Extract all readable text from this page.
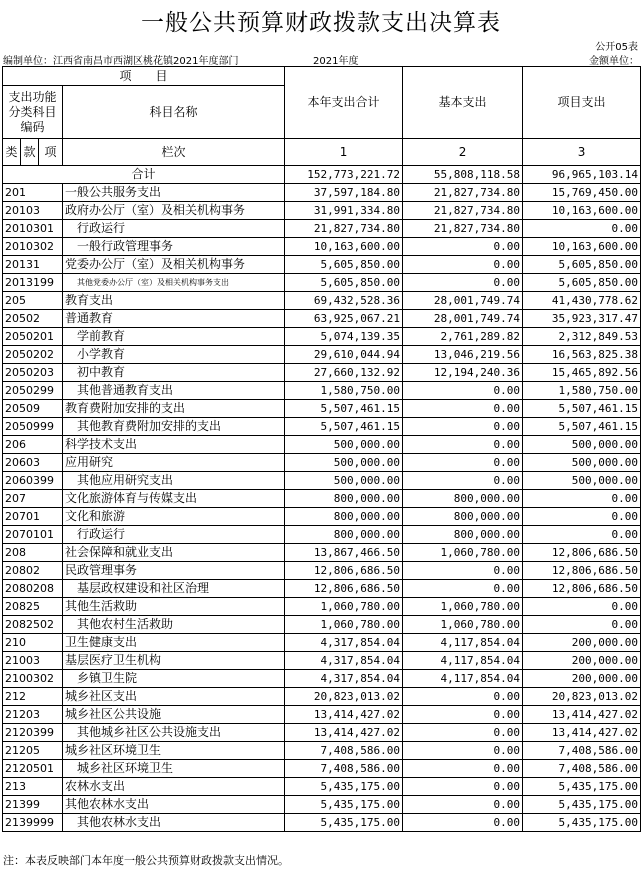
一般公共预算财政拨款支出决算表
公开05表
编制单位：江西省南昌市西湖区桃花镇2021年度部门	2021年度	金额单位：
项　　目				本年支出合计	基本支出	项目支出
支出功能分类科目编码			科目名称			
类	款	项				
			栏次	1	2	3
合计				152,773,221.72	55,808,118.58	96,965,103.14
201			一般公共服务支出	37,597,184.80	21,827,734.80	15,769,450.00
20103			政府办公厅（室）及相关机构事务	31,991,334.80	21,827,734.80	10,163,600.00
2010301			行政运行	21,827,734.80	21,827,734.80	0.00
2010302			一般行政管理事务	10,163,600.00	0.00	10,163,600.00
20131			党委办公厅（室）及相关机构事务	5,605,850.00	0.00	5,605,850.00
2013199			其他党委办公厅（室）及相关机构事务支出	5,605,850.00	0.00	5,605,850.00
205			教育支出	69,432,528.36	28,001,749.74	41,430,778.62
20502			普通教育	63,925,067.21	28,001,749.74	35,923,317.47
2050201			学前教育	5,074,139.35	2,761,289.82	2,312,849.53
2050202			小学教育	29,610,044.94	13,046,219.56	16,563,825.38
2050203			初中教育	27,660,132.92	12,194,240.36	15,465,892.56
2050299			其他普通教育支出	1,580,750.00	0.00	1,580,750.00
20509			教育费附加安排的支出	5,507,461.15	0.00	5,507,461.15
2050999			其他教育费附加安排的支出	5,507,461.15	0.00	5,507,461.15
206			科学技术支出	500,000.00	0.00	500,000.00
20603			应用研究	500,000.00	0.00	500,000.00
2060399			其他应用研究支出	500,000.00	0.00	500,000.00
207			文化旅游体育与传媒支出	800,000.00	800,000.00	0.00
20701			文化和旅游	800,000.00	800,000.00	0.00
2070101			行政运行	800,000.00	800,000.00	0.00
208			社会保障和就业支出	13,867,466.50	1,060,780.00	12,806,686.50
20802			民政管理事务	12,806,686.50	0.00	12,806,686.50
2080208			基层政权建设和社区治理	12,806,686.50	0.00	12,806,686.50
20825			其他生活救助	1,060,780.00	1,060,780.00	0.00
2082502			其他农村生活救助	1,060,780.00	1,060,780.00	0.00
210			卫生健康支出	4,317,854.04	4,117,854.04	200,000.00
21003			基层医疗卫生机构	4,317,854.04	4,117,854.04	200,000.00
2100302			乡镇卫生院	4,317,854.04	4,117,854.04	200,000.00
212			城乡社区支出	20,823,013.02	0.00	20,823,013.02
21203			城乡社区公共设施	13,414,427.02	0.00	13,414,427.02
2120399			其他城乡社区公共设施支出	13,414,427.02	0.00	13,414,427.02
21205			城乡社区环境卫生	7,408,586.00	0.00	7,408,586.00
2120501			城乡社区环境卫生	7,408,586.00	0.00	7,408,586.00
213			农林水支出	5,435,175.00	0.00	5,435,175.00
21399			其他农林水支出	5,435,175.00	0.00	5,435,175.00
2139999			其他农林水支出	5,435,175.00	0.00	5,435,175.00
注：本表反映部门本年度一般公共预算财政拨款支出情况。
